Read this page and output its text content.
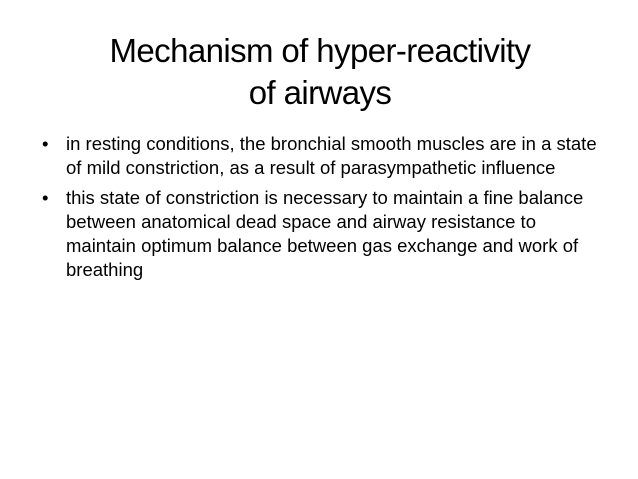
Mechanism of hyper-reactivity
of airways
• in resting conditions, the bronchial smooth muscles are in a state of mild constriction, as a result of parasympathetic influence
• this state of constriction is necessary to maintain a fine balance between anatomical dead space and airway resistance to maintain optimum balance between gas exchange and work of breathing
